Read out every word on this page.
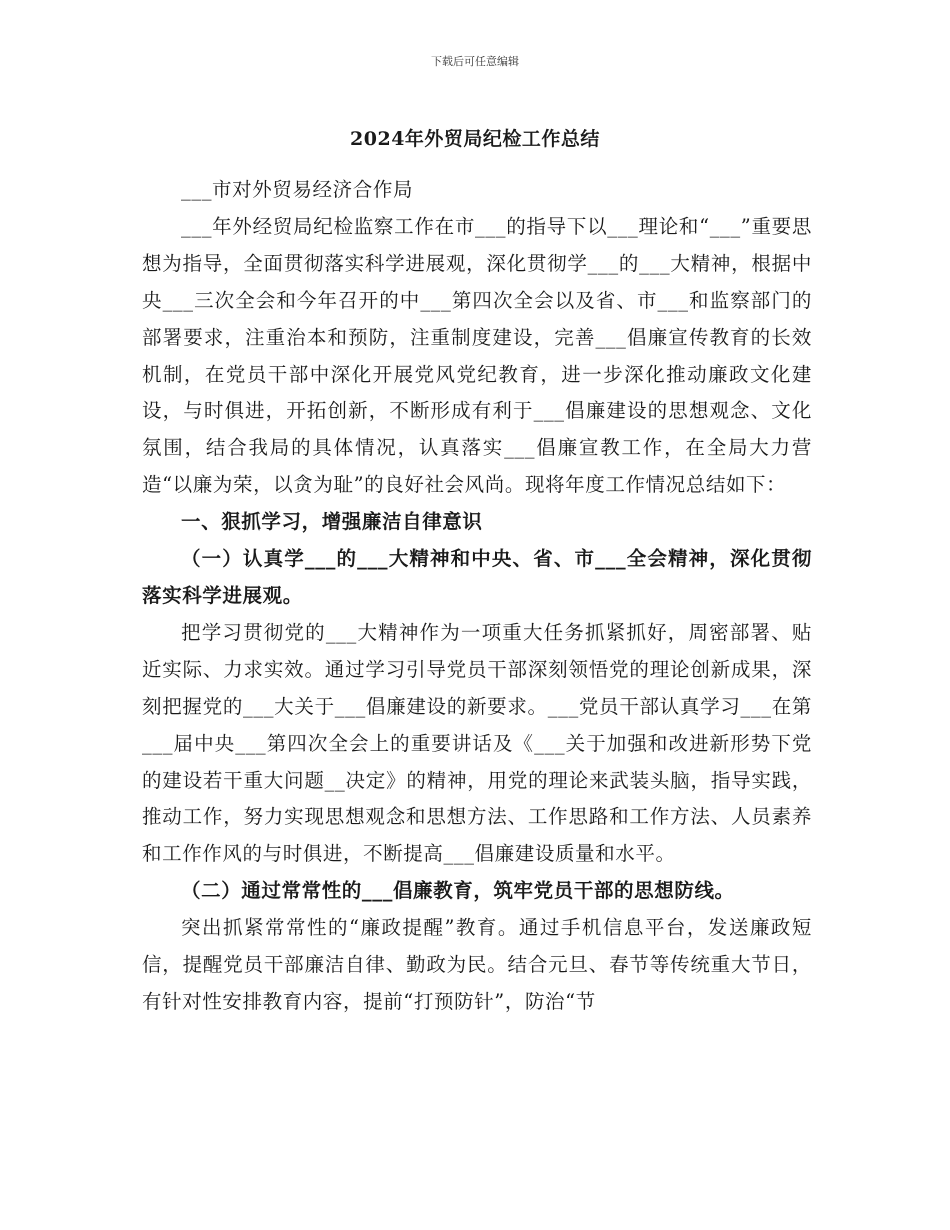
下载后可任意编辑
2024年外贸局纪检工作总结

___市对外贸易经济合作局

___年外经贸局纪检监察工作在市___的指导下以___理论和“___”重要思想为指导，全面贯彻落实科学进展观，深化贯彻学___的___大精神，根据中央___三次全会和今年召开的中___第四次全会以及省、市___和监察部门的部署要求，注重治本和预防，注重制度建设，完善___倡廉宣传教育的长效机制，在党员干部中深化开展党风党纪教育，进一步深化推动廉政文化建设，与时俱进，开拓创新，不断形成有利于___倡廉建设的思想观念、文化氛围，结合我局的具体情况，认真落实___倡廉宣教工作，在全局大力营造“以廉为荣，以贪为耻”的良好社会风尚。现将年度工作情况总结如下：

一、狠抓学习，增强廉洁自律意识

（一）认真学___的___大精神和中央、省、市___全会精神，深化贯彻落实科学进展观。

把学习贯彻党的___大精神作为一项重大任务抓紧抓好，周密部署、贴近实际、力求实效。通过学习引导党员干部深刻领悟党的理论创新成果，深刻把握党的___大关于___倡廉建设的新要求。___党员干部认真学习___在第___届中央___第四次全会上的重要讲话及《___关于加强和改进新形势下党的建设若干重大问题__决定》的精神，用党的理论来武装头脑，指导实践，推动工作，努力实现思想观念和思想方法、工作思路和工作方法、人员素养和工作作风的与时俱进，不断提高___倡廉建设质量和水平。

（二）通过常常性的___倡廉教育，筑牢党员干部的思想防线。

突出抓紧常常性的“廉政提醒”教育。通过手机信息平台，发送廉政短信，提醒党员干部廉洁自律、勤政为民。结合元旦、春节等传统重大节日，有针对性安排教育内容，提前“打预防针”，防治“节
